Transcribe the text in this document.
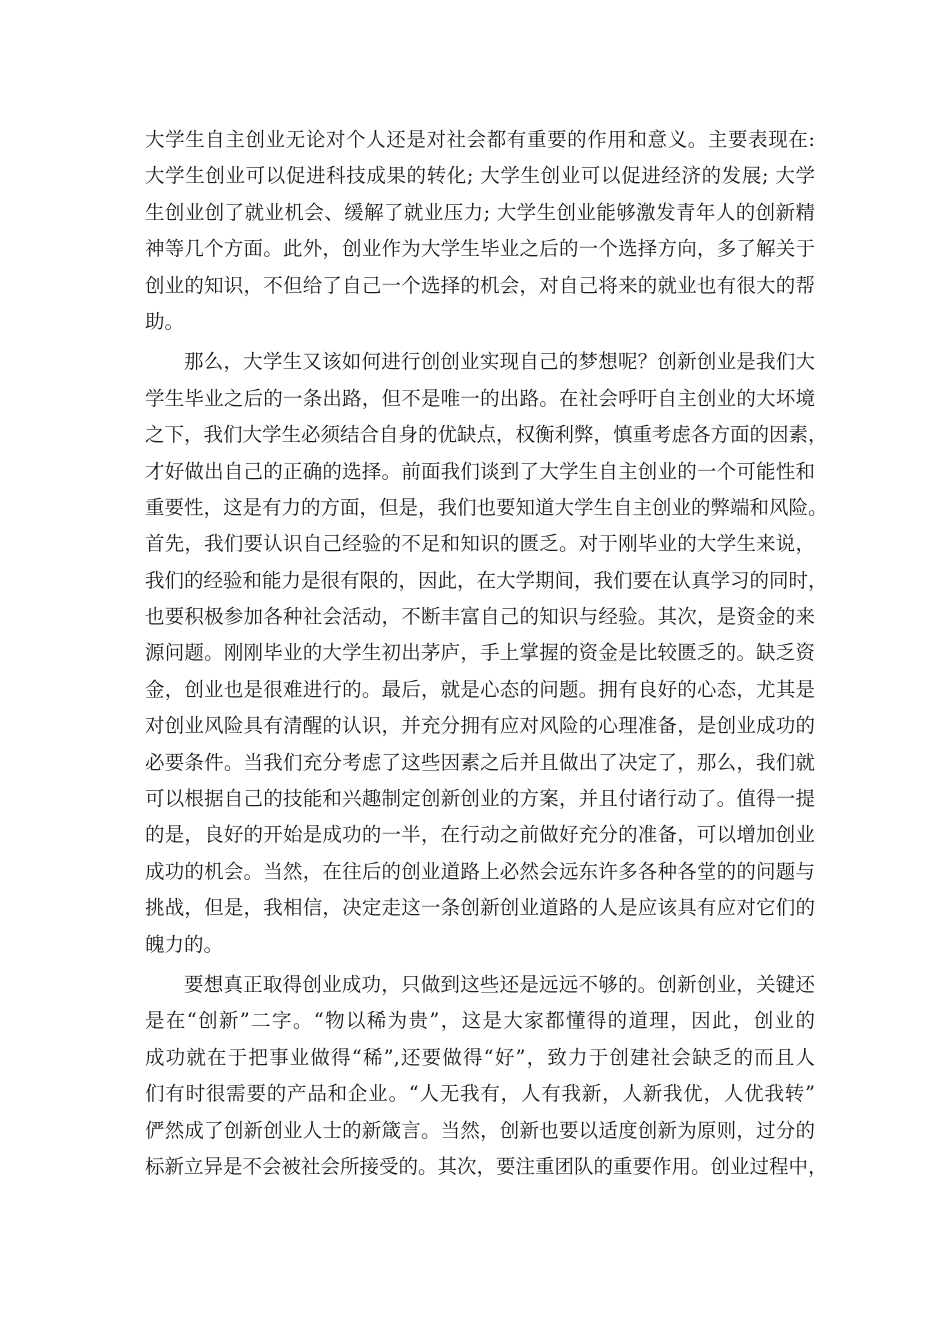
大学生自主创业无论对个人还是对社会都有重要的作用和意义。主要表现在:
大学生创业可以促进科技成果的转化; 大学生创业可以促进经济的发展; 大学
生创业创了就业机会、缓解了就业压力; 大学生创业能够激发青年人的创新精
神等几个方面。此外，创业作为大学生毕业之后的一个选择方向，多了解关于
创业的知识，不但给了自己一个选择的机会，对自己将来的就业也有很大的帮
助。
那么，大学生又该如何进行创创业实现自己的梦想呢？创新创业是我们大
学生毕业之后的一条出路，但不是唯一的出路。在社会呼吁自主创业的大坏境
之下，我们大学生必须结合自身的优缺点，权衡利弊，慎重考虑各方面的因素，
才好做出自己的正确的选择。前面我们谈到了大学生自主创业的一个可能性和
重要性，这是有力的方面，但是，我们也要知道大学生自主创业的弊端和风险。
首先，我们要认识自己经验的不足和知识的匮乏。对于刚毕业的大学生来说，
我们的经验和能力是很有限的，因此，在大学期间，我们要在认真学习的同时，
也要积极参加各种社会活动，不断丰富自己的知识与经验。其次，是资金的来
源问题。刚刚毕业的大学生初出茅庐，手上掌握的资金是比较匮乏的。缺乏资
金，创业也是很难进行的。最后，就是心态的问题。拥有良好的心态，尤其是
对创业风险具有清醒的认识，并充分拥有应对风险的心理准备，是创业成功的
必要条件。当我们充分考虑了这些因素之后并且做出了决定了，那么，我们就
可以根据自己的技能和兴趣制定创新创业的方案，并且付诸行动了。值得一提
的是，良好的开始是成功的一半，在行动之前做好充分的准备，可以增加创业
成功的机会。当然，在往后的创业道路上必然会远东许多各种各堂的的问题与
挑战，但是，我相信，决定走这一条创新创业道路的人是应该具有应对它们的
魄力的。
要想真正取得创业成功，只做到这些还是远远不够的。创新创业，关键还
是在“创新”二字。“物以稀为贵”，这是大家都懂得的道理，因此，创业的
成功就在于把事业做得“稀”,还要做得“好”，致力于创建社会缺乏的而且人
们有时很需要的产品和企业。“人无我有，人有我新，人新我优，人优我转”
俨然成了创新创业人士的新箴言。当然，创新也要以适度创新为原则，过分的
标新立异是不会被社会所接受的。其次，要注重团队的重要作用。创业过程中，
